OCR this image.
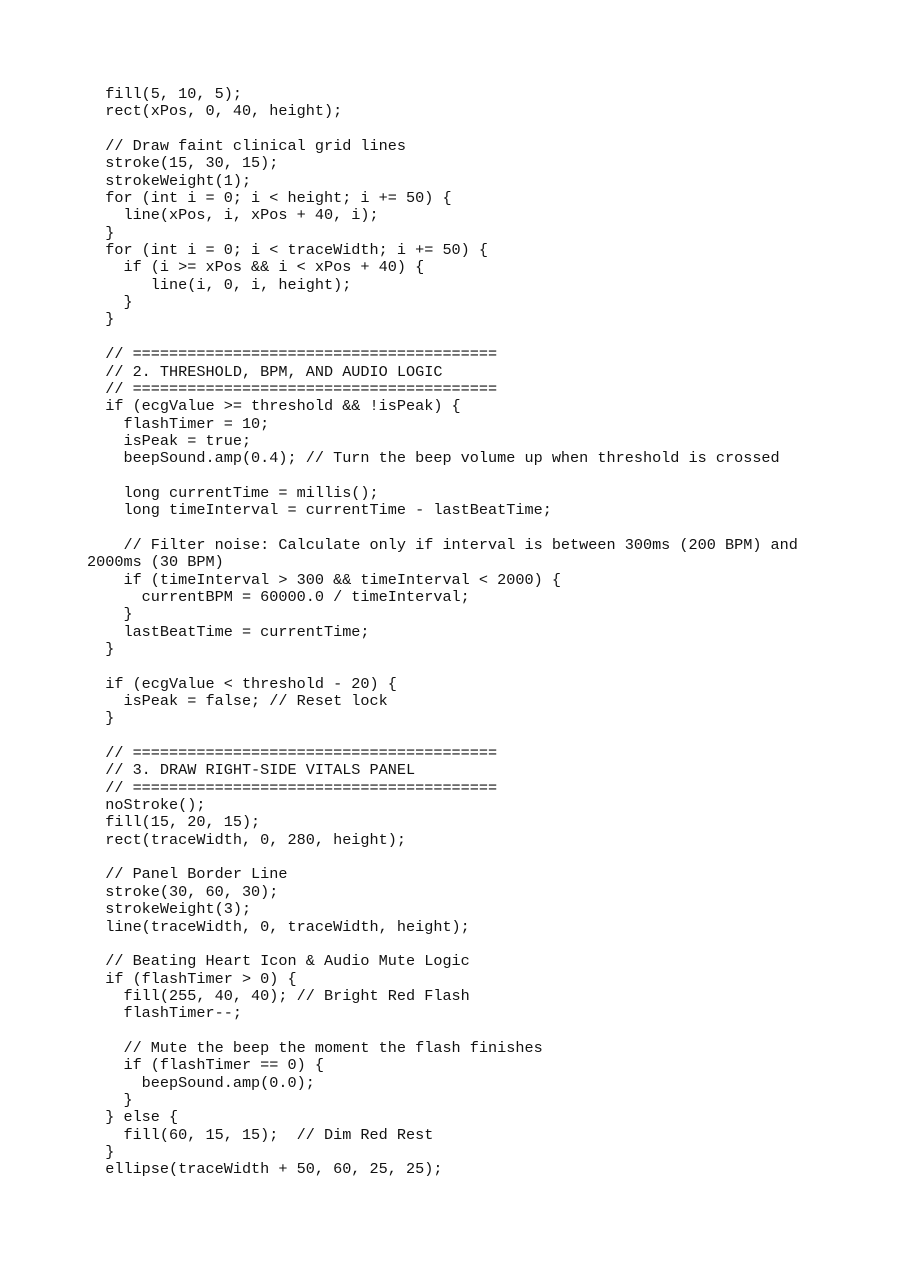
fill(5, 10, 5);
rect(xPos, 0, 40, height);
// Draw faint clinical grid lines
stroke(15, 30, 15);
strokeWeight(1);
for (int i = 0; i < height; i += 50) {
line(xPos, i, xPos + 40, i);
}
for (int i = 0; i < traceWidth; i += 50) {
if (i >= xPos && i < xPos + 40) {
line(i, 0, i, height);
}
}
// ========================================
// 2. THRESHOLD, BPM, AND AUDIO LOGIC
// ========================================
if (ecgValue >= threshold && !isPeak) {
flashTimer = 10;
isPeak = true;
beepSound.amp(0.4); // Turn the beep volume up when threshold is crossed
long currentTime = millis();
long timeInterval = currentTime - lastBeatTime;
// Filter noise: Calculate only if interval is between 300ms (200 BPM) and
2000ms (30 BPM)
if (timeInterval > 300 && timeInterval < 2000) {
currentBPM = 60000.0 / timeInterval;
}
lastBeatTime = currentTime;
}
if (ecgValue < threshold - 20) {
isPeak = false; // Reset lock
}
// ========================================
// 3. DRAW RIGHT-SIDE VITALS PANEL
// ========================================
noStroke();
fill(15, 20, 15);
rect(traceWidth, 0, 280, height);
// Panel Border Line
stroke(30, 60, 30);
strokeWeight(3);
line(traceWidth, 0, traceWidth, height);
// Beating Heart Icon & Audio Mute Logic
if (flashTimer > 0) {
fill(255, 40, 40); // Bright Red Flash
flashTimer--;
// Mute the beep the moment the flash finishes
if (flashTimer == 0) {
beepSound.amp(0.0);
}
} else {
fill(60, 15, 15);  // Dim Red Rest
}
ellipse(traceWidth + 50, 60, 25, 25);
